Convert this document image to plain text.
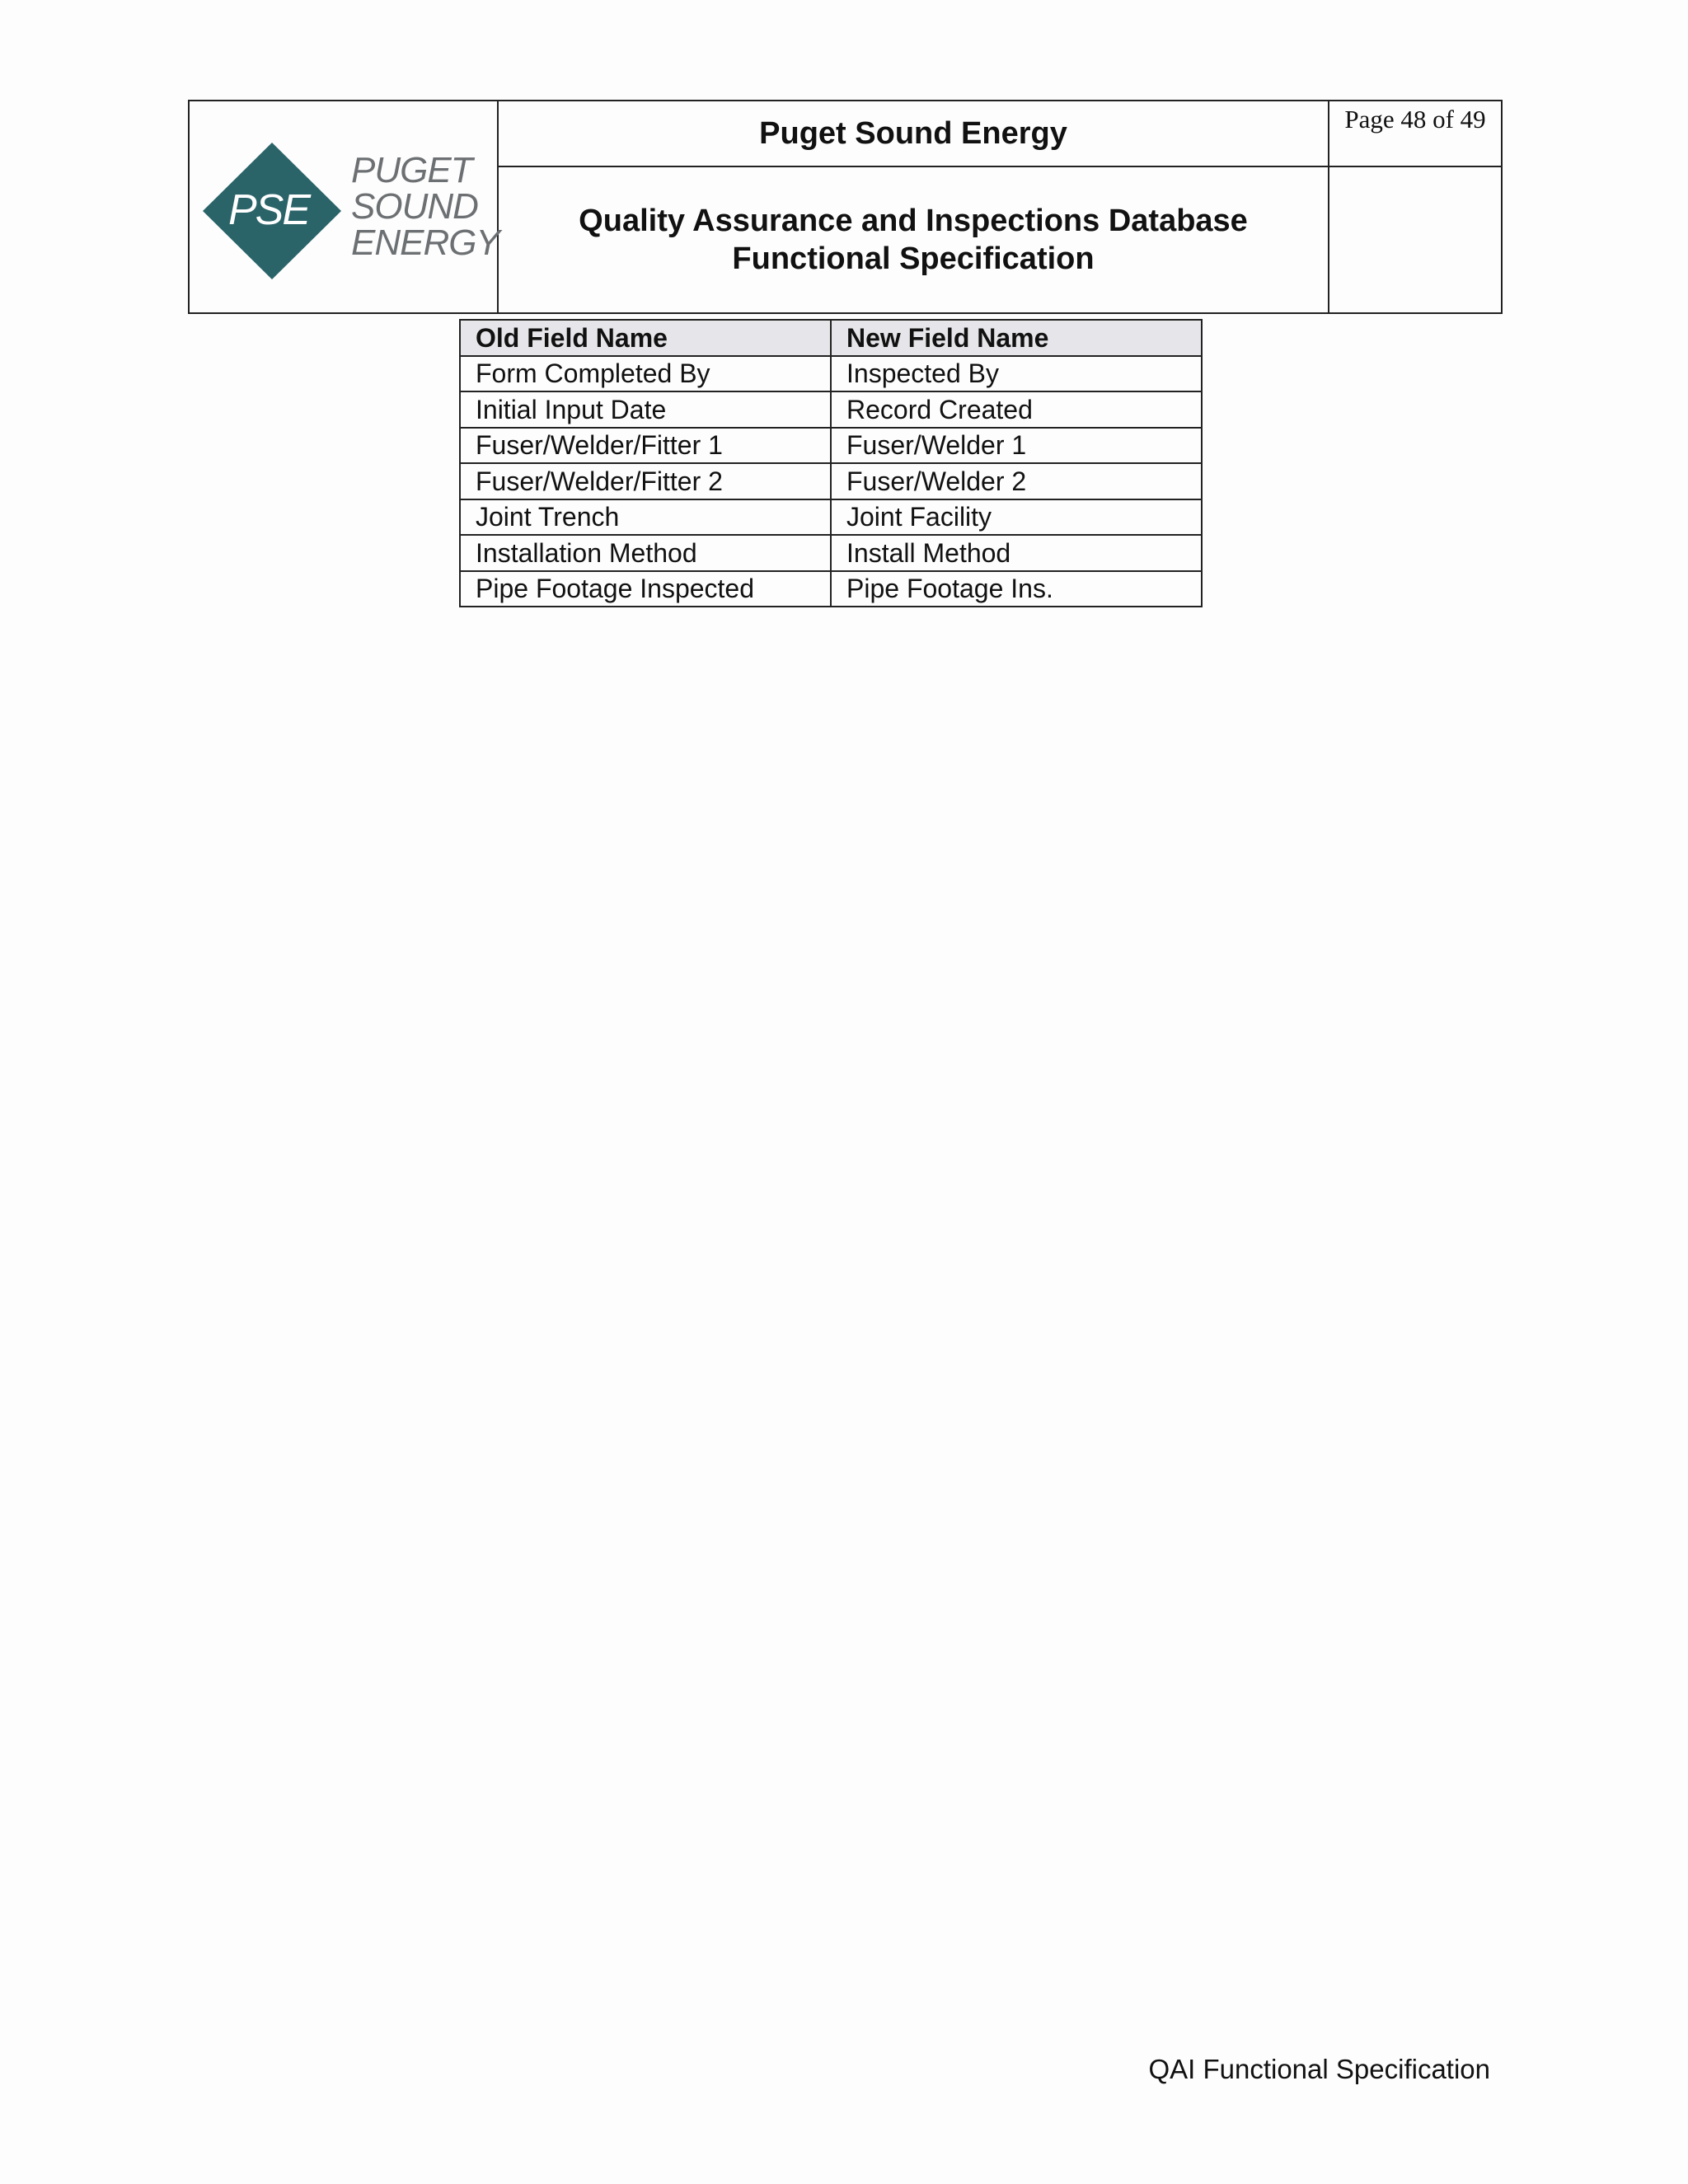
PSE
PUGET
SOUND
ENERGY	Puget Sound Energy	Page 48 of 49

	Quality Assurance and Inspections Database
Functional Specification	

Old Field Name	New Field Name
Form Completed By	Inspected By
Initial Input Date	Record Created
Fuser/Welder/Fitter 1	Fuser/Welder 1
Fuser/Welder/Fitter 2	Fuser/Welder 2
Joint Trench	Joint Facility
Installation Method	Install Method
Pipe Footage Inspected	Pipe Footage Ins.
QAI Functional Specification
